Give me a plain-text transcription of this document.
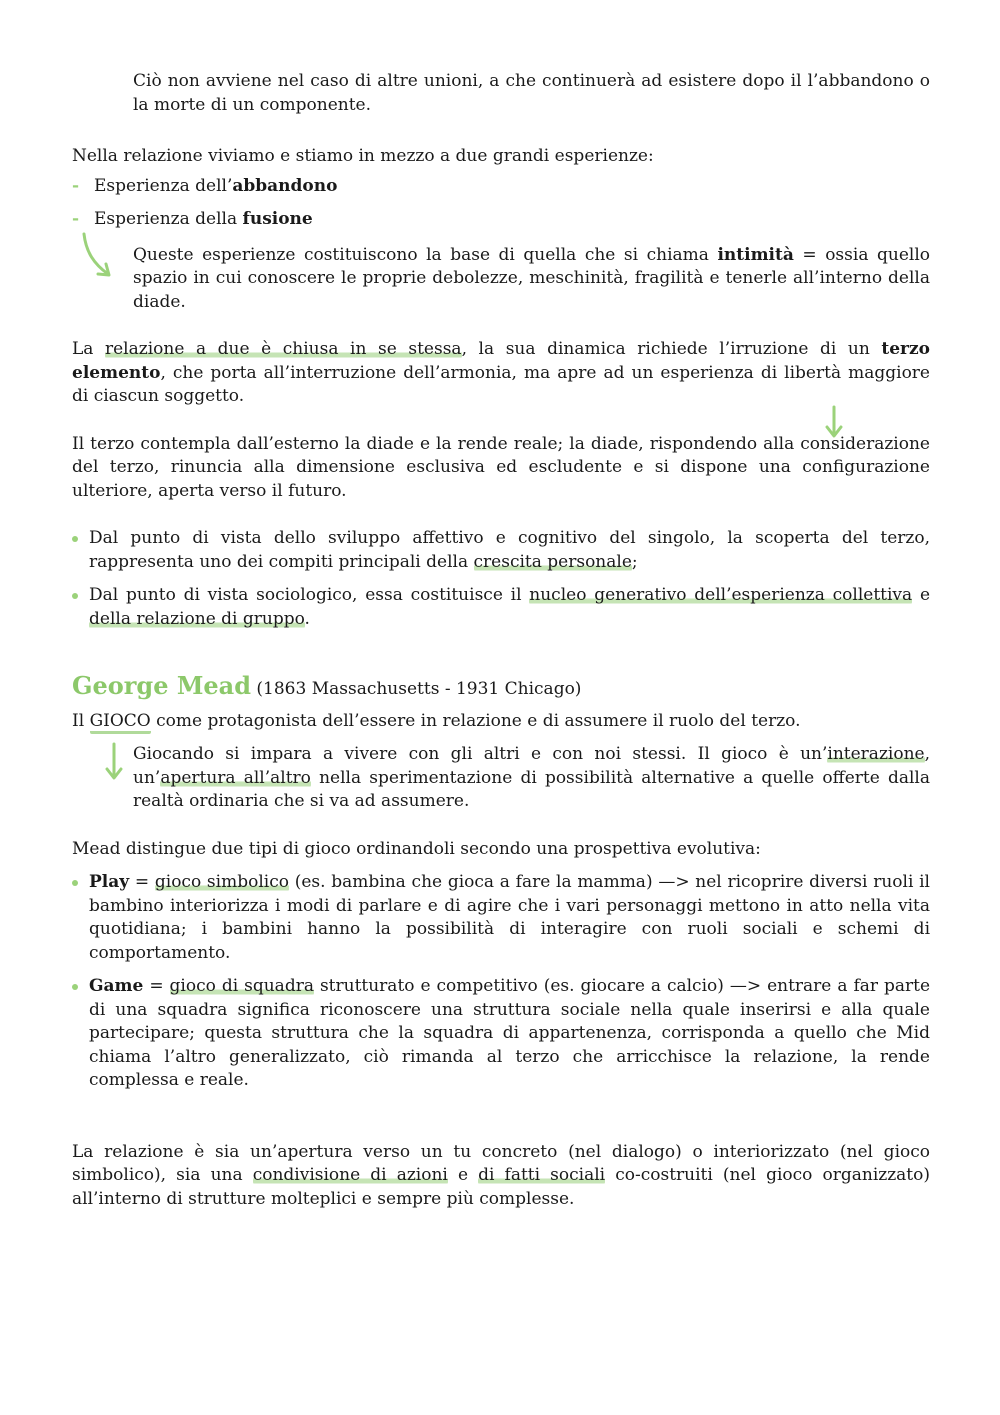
Ciò non avviene nel caso di altre unioni, a che continuerà ad esistere dopo il l’abbandono o la morte di un componente.

Nella relazione viviamo e stiamo in mezzo a due grandi esperienze:

- Esperienza dell’abbandono
- Esperienza della fusione

Queste esperienze costituiscono la base di quella che si chiama intimità = ossia quello spazio in cui conoscere le proprie debolezze, meschinità, fragilità e tenerle all’interno della diade.

La relazione a due è chiusa in se stessa, la sua dinamica richiede l’irruzione di un terzo elemento, che porta all’interruzione dell’armonia, ma apre ad un esperienza di libertà maggiore di ciascun soggetto.

Il terzo contempla dall’esterno la diade e la rende reale; la diade, rispondendo alla considerazione del terzo, rinuncia alla dimensione esclusiva ed escludente e si dispone una configurazione ulteriore, aperta verso il futuro.

Dal punto di vista dello sviluppo affettivo e cognitivo del singolo, la scoperta del terzo, rappresenta uno dei compiti principali della crescita personale;
Dal punto di vista sociologico, essa costituisce il nucleo generativo dell’esperienza collettiva e della relazione di gruppo.

George Mead (1863 Massachusetts - 1931 Chicago)

Il GIOCO come protagonista dell’essere in relazione e di assumere il ruolo del terzo.

Giocando si impara a vivere con gli altri e con noi stessi. Il gioco è un’interazione, un’apertura all’altro nella sperimentazione di possibilità alternative a quelle offerte dalla realtà ordinaria che si va ad assumere.

Mead distingue due tipi di gioco ordinandoli secondo una prospettiva evolutiva:

Play = gioco simbolico (es. bambina che gioca a fare la mamma) —> nel ricoprire diversi ruoli il bambino interiorizza i modi di parlare e di agire che i vari personaggi mettono in atto nella vita quotidiana; i bambini hanno la possibilità di interagire con ruoli sociali e schemi di comportamento.
Game = gioco di squadra strutturato e competitivo (es. giocare a calcio) —> entrare a far parte di una squadra significa riconoscere una struttura sociale nella quale inserirsi e alla quale partecipare; questa struttura che la squadra di appartenenza, corrisponda a quello che Mid chiama l’altro generalizzato, ciò rimanda al terzo che arricchisce la relazione, la rende complessa e reale.

La relazione è sia un’apertura verso un tu concreto (nel dialogo) o interiorizzato (nel gioco simbolico), sia una condivisione di azioni e di fatti sociali co-costruiti (nel gioco organizzato) all’interno di strutture molteplici e sempre più complesse.
